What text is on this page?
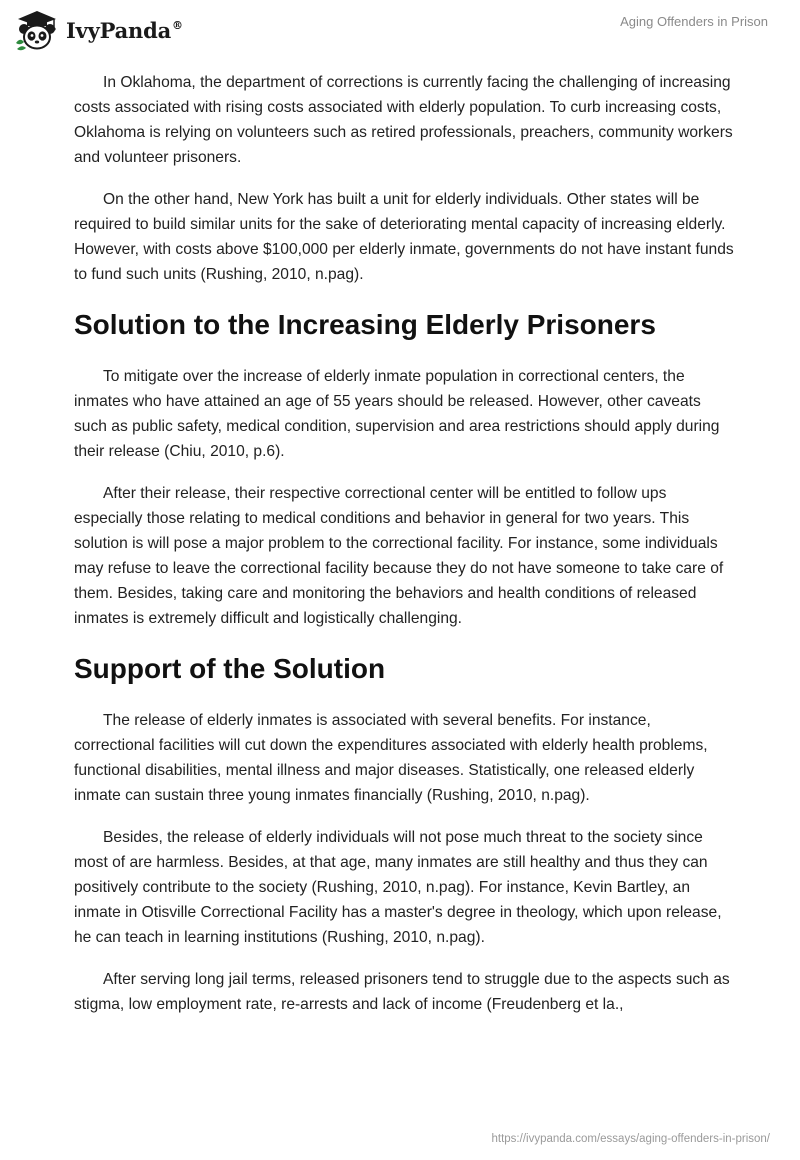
IvyPanda®	Aging Offenders in Prison

In Oklahoma, the department of corrections is currently facing the challenging of increasing costs associated with rising costs associated with elderly population. To curb increasing costs, Oklahoma is relying on volunteers such as retired professionals, preachers, community workers and volunteer prisoners.

On the other hand, New York has built a unit for elderly individuals. Other states will be required to build similar units for the sake of deteriorating mental capacity of increasing elderly. However, with costs above $100,000 per elderly inmate, governments do not have instant funds to fund such units (Rushing, 2010, n.pag).

Solution to the Increasing Elderly Prisoners

To mitigate over the increase of elderly inmate population in correctional centers, the inmates who have attained an age of 55 years should be released. However, other caveats such as public safety, medical condition, supervision and area restrictions should apply during their release (Chiu, 2010, p.6).

After their release, their respective correctional center will be entitled to follow ups especially those relating to medical conditions and behavior in general for two years. This solution is will pose a major problem to the correctional facility. For instance, some individuals may refuse to leave the correctional facility because they do not have someone to take care of them. Besides, taking care and monitoring the behaviors and health conditions of released inmates is extremely difficult and logistically challenging.

Support of the Solution

The release of elderly inmates is associated with several benefits. For instance, correctional facilities will cut down the expenditures associated with elderly health problems, functional disabilities, mental illness and major diseases. Statistically, one released elderly inmate can sustain three young inmates financially (Rushing, 2010, n.pag).

Besides, the release of elderly individuals will not pose much threat to the society since most of are harmless. Besides, at that age, many inmates are still healthy and thus they can positively contribute to the society (Rushing, 2010, n.pag). For instance, Kevin Bartley, an inmate in Otisville Correctional Facility has a master's degree in theology, which upon release, he can teach in learning institutions (Rushing, 2010, n.pag).

After serving long jail terms, released prisoners tend to struggle due to the aspects such as stigma, low employment rate, re-arrests and lack of income (Freudenberg et la.,

https://ivypanda.com/essays/aging-offenders-in-prison/
